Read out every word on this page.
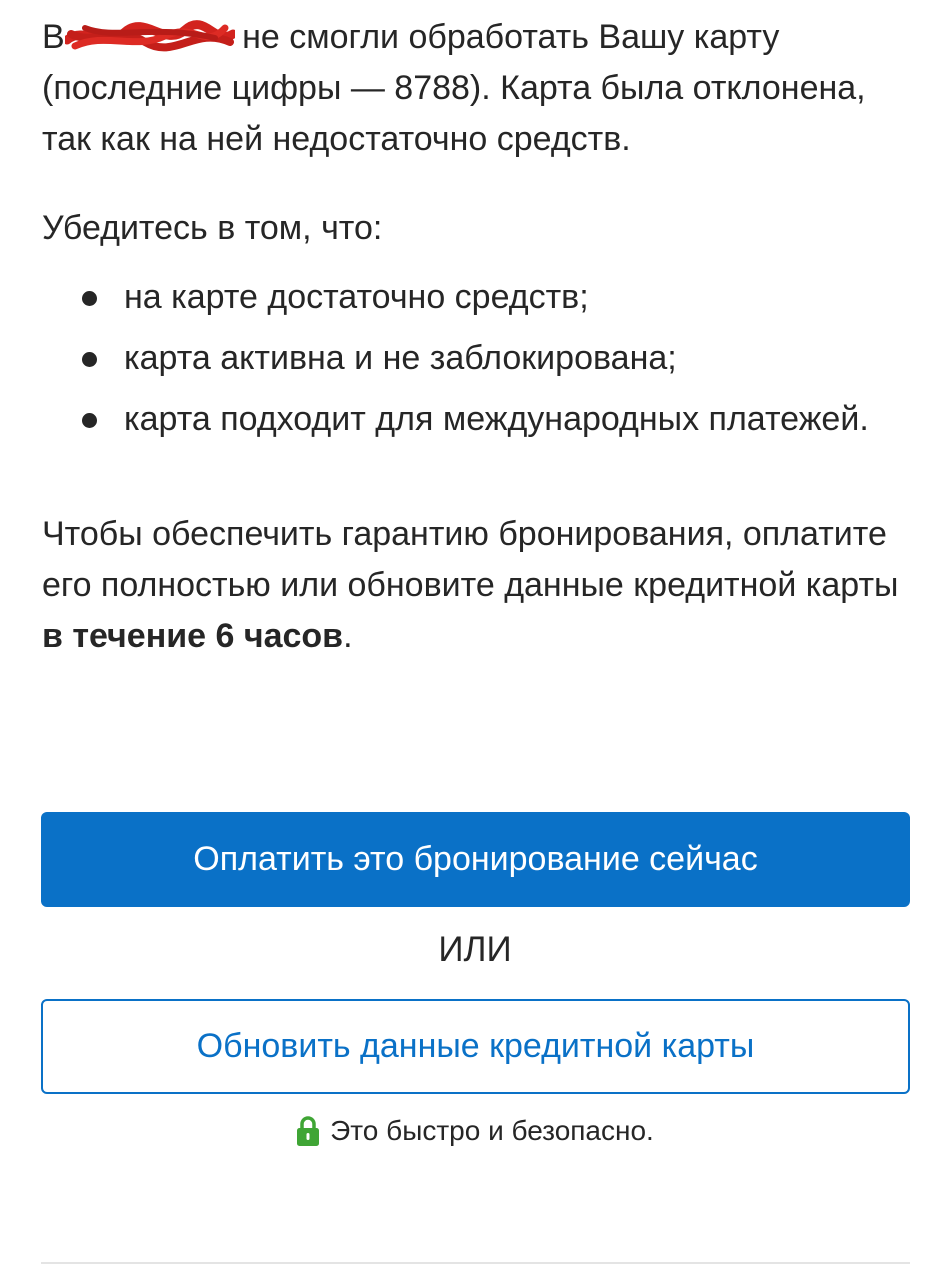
В	не смогли обработать Вашу карту (последние цифры — 8788). Карта была отклонена, так как на ней недостаточно средств.

Убедитесь в том, что:

на карте достаточно средств;
карта активна и не заблокирована;
карта подходит для международных платежей.

Чтобы обеспечить гарантию бронирования, оплатите его полностью или обновите данные кредитной карты в течение 6 часов.

Оплатить это бронирование сейчас
ИЛИ
Обновить данные кредитной карты
Это быстро и безопасно.
